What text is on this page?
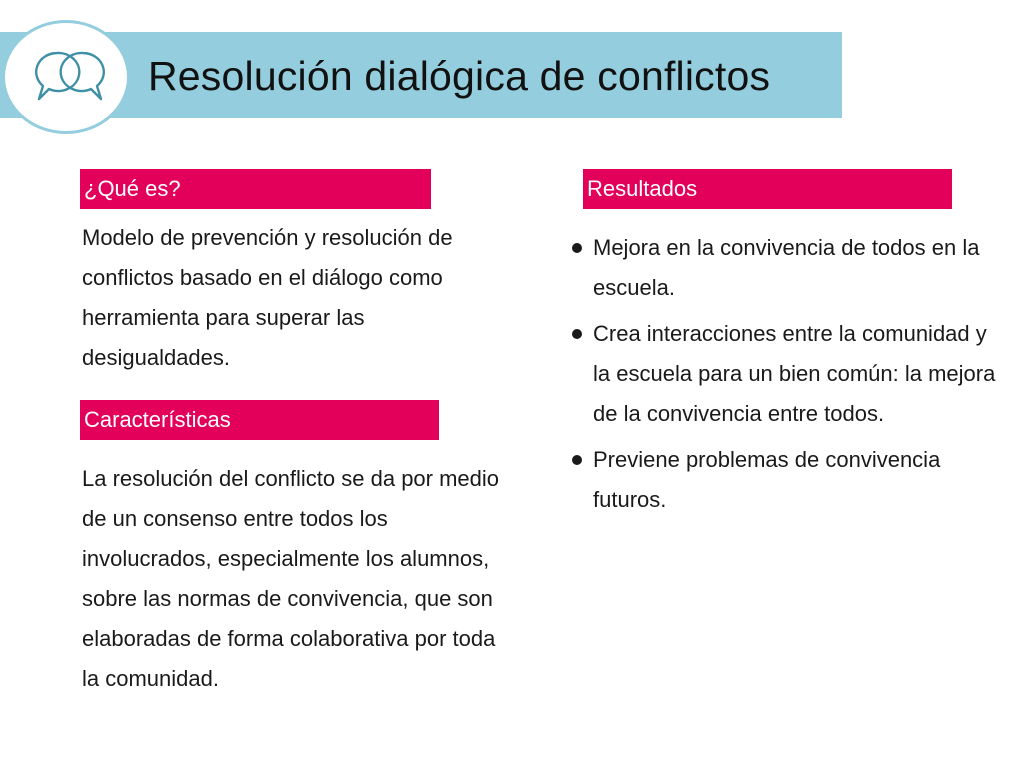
Resolución dialógica de conflictos
¿Qué es?
Modelo de prevención y resolución de conflictos basado en el diálogo como herramienta para superar las desigualdades.
Características
La resolución del conflicto se da por medio de un consenso entre todos los involucrados, especialmente los alumnos, sobre las normas de convivencia, que son elaboradas de forma colaborativa por toda la comunidad.
Resultados
Mejora en la convivencia de todos en la escuela.
Crea interacciones entre la comunidad y la escuela para un bien común: la mejora de la convivencia entre todos.
Previene problemas de convivencia futuros.
